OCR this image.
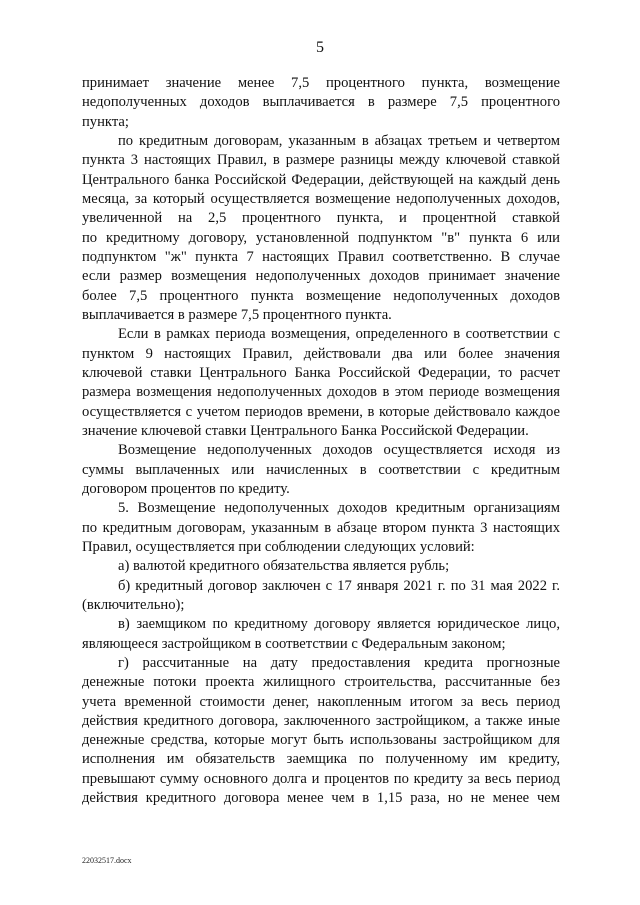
5
принимает значение менее 7,5 процентного пункта, возмещение
недополученных доходов выплачивается в размере 7,5 процентного
пункта;
по кредитным договорам, указанным в абзацах третьем и четвертом
пункта 3 настоящих Правил, в размере разницы между ключевой ставкой
Центрального банка Российской Федерации, действующей на каждый день
месяца, за который осуществляется возмещение недополученных доходов,
увеличенной на 2,5 процентного пункта, и процентной ставкой
по кредитному договору, установленной подпунктом "в" пункта 6 или
подпунктом "ж" пункта 7 настоящих Правил соответственно. В случае
если размер возмещения недополученных доходов принимает значение
более 7,5 процентного пункта возмещение недополученных доходов
выплачивается в размере 7,5 процентного пункта.
Если в рамках периода возмещения, определенного в соответствии с
пунктом 9 настоящих Правил, действовали два или более значения
ключевой ставки Центрального Банка Российской Федерации, то расчет
размера возмещения недополученных доходов в этом периоде возмещения
осуществляется с учетом периодов времени, в которые действовало каждое
значение ключевой ставки Центрального Банка Российской Федерации.
Возмещение недополученных доходов осуществляется исходя из
суммы выплаченных или начисленных в соответствии с кредитным
договором процентов по кредиту.
5. Возмещение недополученных доходов кредитным организациям
по кредитным договорам, указанным в абзаце втором пункта 3 настоящих
Правил, осуществляется при соблюдении следующих условий:
а) валютой кредитного обязательства является рубль;
б) кредитный договор заключен с 17 января 2021 г. по 31 мая 2022 г.
(включительно);
в) заемщиком по кредитному договору является юридическое лицо,
являющееся застройщиком в соответствии с Федеральным законом;
г) рассчитанные на дату предоставления кредита прогнозные
денежные потоки проекта жилищного строительства, рассчитанные без
учета временной стоимости денег, накопленным итогом за весь период
действия кредитного договора, заключенного застройщиком, а также иные
денежные средства, которые могут быть использованы застройщиком для
исполнения им обязательств заемщика по полученному им кредиту,
превышают сумму основного долга и процентов по кредиту за весь период
действия кредитного договора менее чем в 1,15 раза, но не менее чем
22032517.docx
